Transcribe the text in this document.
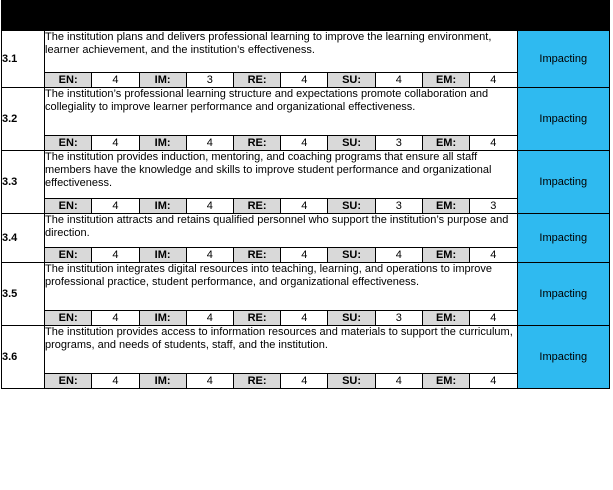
Resource Capacity Standards											Rating
3.1	The institution plans and delivers professional learning to improve the learning environment, learner achievement, and the institution’s effectiveness.										Impacting
	EN:	4	IM:	3	RE:	4	SU:	4	EM:	4	
3.2	The institution’s professional learning structure and expectations promote collaboration and collegiality to improve learner performance and organizational effectiveness.										Impacting
	EN:	4	IM:	4	RE:	4	SU:	3	EM:	4	
3.3	The institution provides induction, mentoring, and coaching programs that ensure all staff members have the knowledge and skills to improve student performance and organizational effectiveness.										Impacting
	EN:	4	IM:	4	RE:	4	SU:	3	EM:	3	
3.4	The institution attracts and retains qualified personnel who support the institution’s purpose and direction.										Impacting
	EN:	4	IM:	4	RE:	4	SU:	4	EM:	4	
3.5	The institution integrates digital resources into teaching, learning, and operations to improve professional practice, student performance, and organizational effectiveness.										Impacting
	EN:	4	IM:	4	RE:	4	SU:	3	EM:	4	
3.6	The institution provides access to information resources and materials to support the curriculum, programs, and needs of students, staff, and the institution.										Impacting
	EN:	4	IM:	4	RE:	4	SU:	4	EM:	4	
